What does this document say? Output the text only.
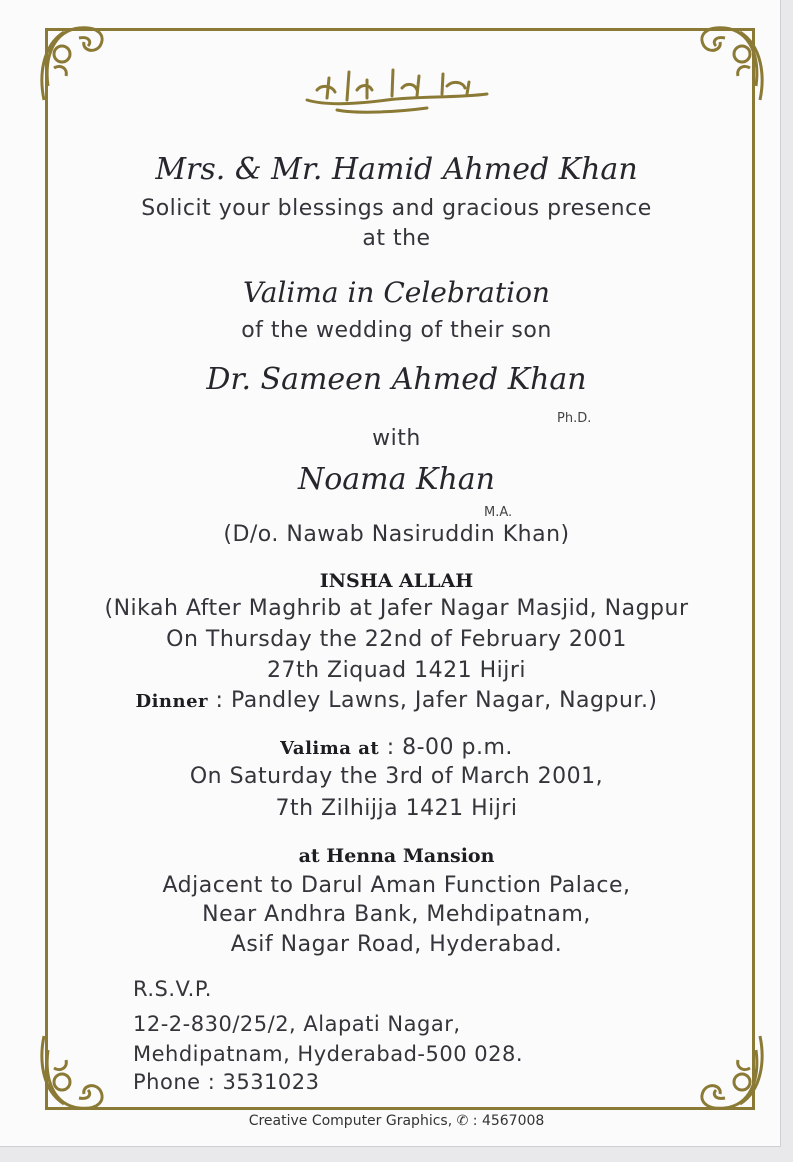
Mrs. & Mr. Hamid Ahmed Khan
Solicit your blessings and gracious presence
at the
Valima in Celebration
of the wedding of their son
Dr. Sameen Ahmed Khan
Ph.D.
with
Noama Khan
M.A.
(D/o. Nawab Nasiruddin Khan)
INSHA ALLAH
(Nikah After Maghrib at Jafer Nagar Masjid, Nagpur
On Thursday the 22nd of February 2001
27th Ziquad 1421 Hijri
Dinner : Pandley Lawns, Jafer Nagar, Nagpur.)
Valima at : 8-00 p.m.
On Saturday the 3rd of March 2001,
7th Zilhijja 1421 Hijri
at Henna Mansion
Adjacent to Darul Aman Function Palace,
Near Andhra Bank, Mehdipatnam,
Asif Nagar Road, Hyderabad.
R.S.V.P.
12-2-830/25/2, Alapati Nagar,
Mehdipatnam, Hyderabad-500 028.
Phone : 3531023
Creative Computer Graphics, ✆ : 4567008
